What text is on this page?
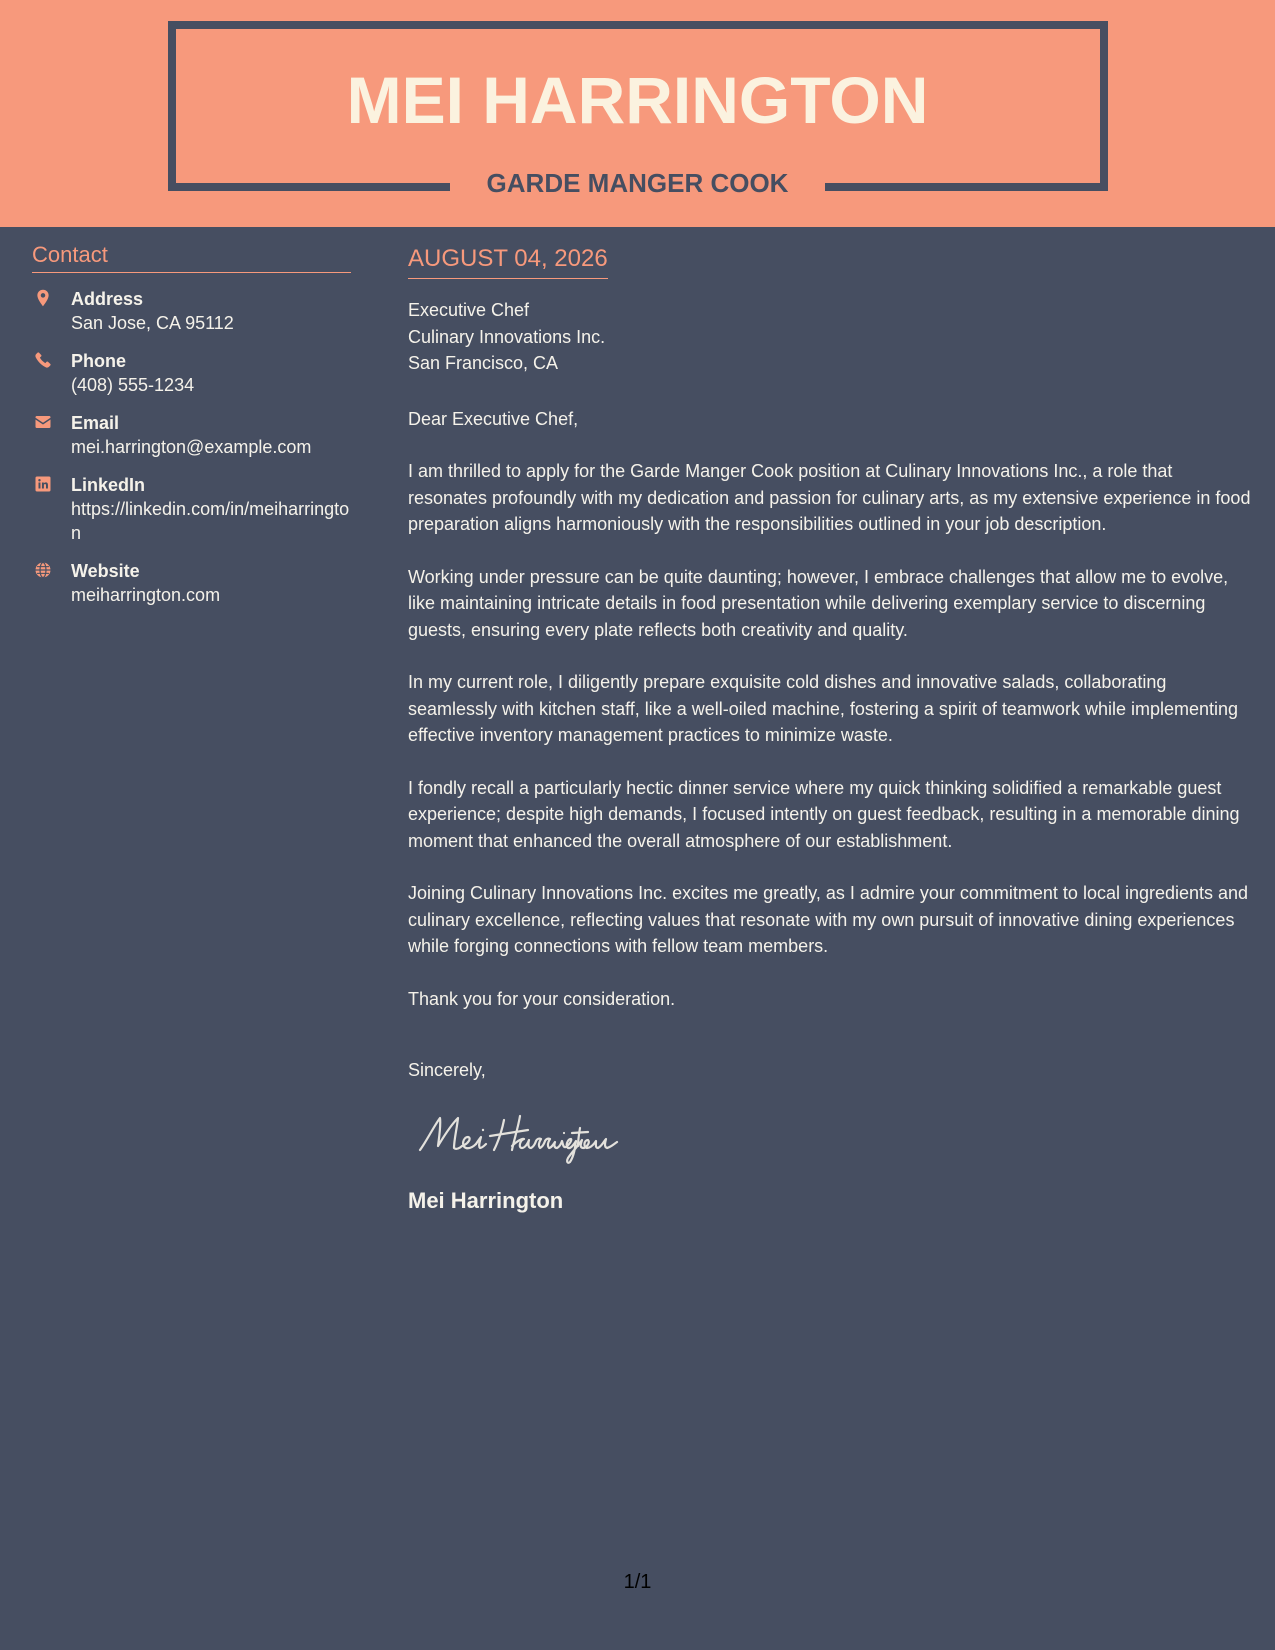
MEI HARRINGTON
GARDE MANGER COOK
Contact
Address
San Jose, CA 95112
Phone
(408) 555-1234
Email
mei.harrington@example.com
LinkedIn
https://linkedin.com/in/meiharrington
Website
meiharrington.com
AUGUST 04, 2026
Executive Chef
Culinary Innovations Inc.
San Francisco, CA
Dear Executive Chef,
I am thrilled to apply for the Garde Manger Cook position at Culinary Innovations Inc., a role that resonates profoundly with my dedication and passion for culinary arts, as my extensive experience in food preparation aligns harmoniously with the responsibilities outlined in your job description.
Working under pressure can be quite daunting; however, I embrace challenges that allow me to evolve, like maintaining intricate details in food presentation while delivering exemplary service to discerning guests, ensuring every plate reflects both creativity and quality.
In my current role, I diligently prepare exquisite cold dishes and innovative salads, collaborating seamlessly with kitchen staff, like a well-oiled machine, fostering a spirit of teamwork while implementing effective inventory management practices to minimize waste.
I fondly recall a particularly hectic dinner service where my quick thinking solidified a remarkable guest experience; despite high demands, I focused intently on guest feedback, resulting in a memorable dining moment that enhanced the overall atmosphere of our establishment.
Joining Culinary Innovations Inc. excites me greatly, as I admire your commitment to local ingredients and culinary excellence, reflecting values that resonate with my own pursuit of innovative dining experiences while forging connections with fellow team members.
Thank you for your consideration.
Sincerely,
Mei Harrington
1/1
